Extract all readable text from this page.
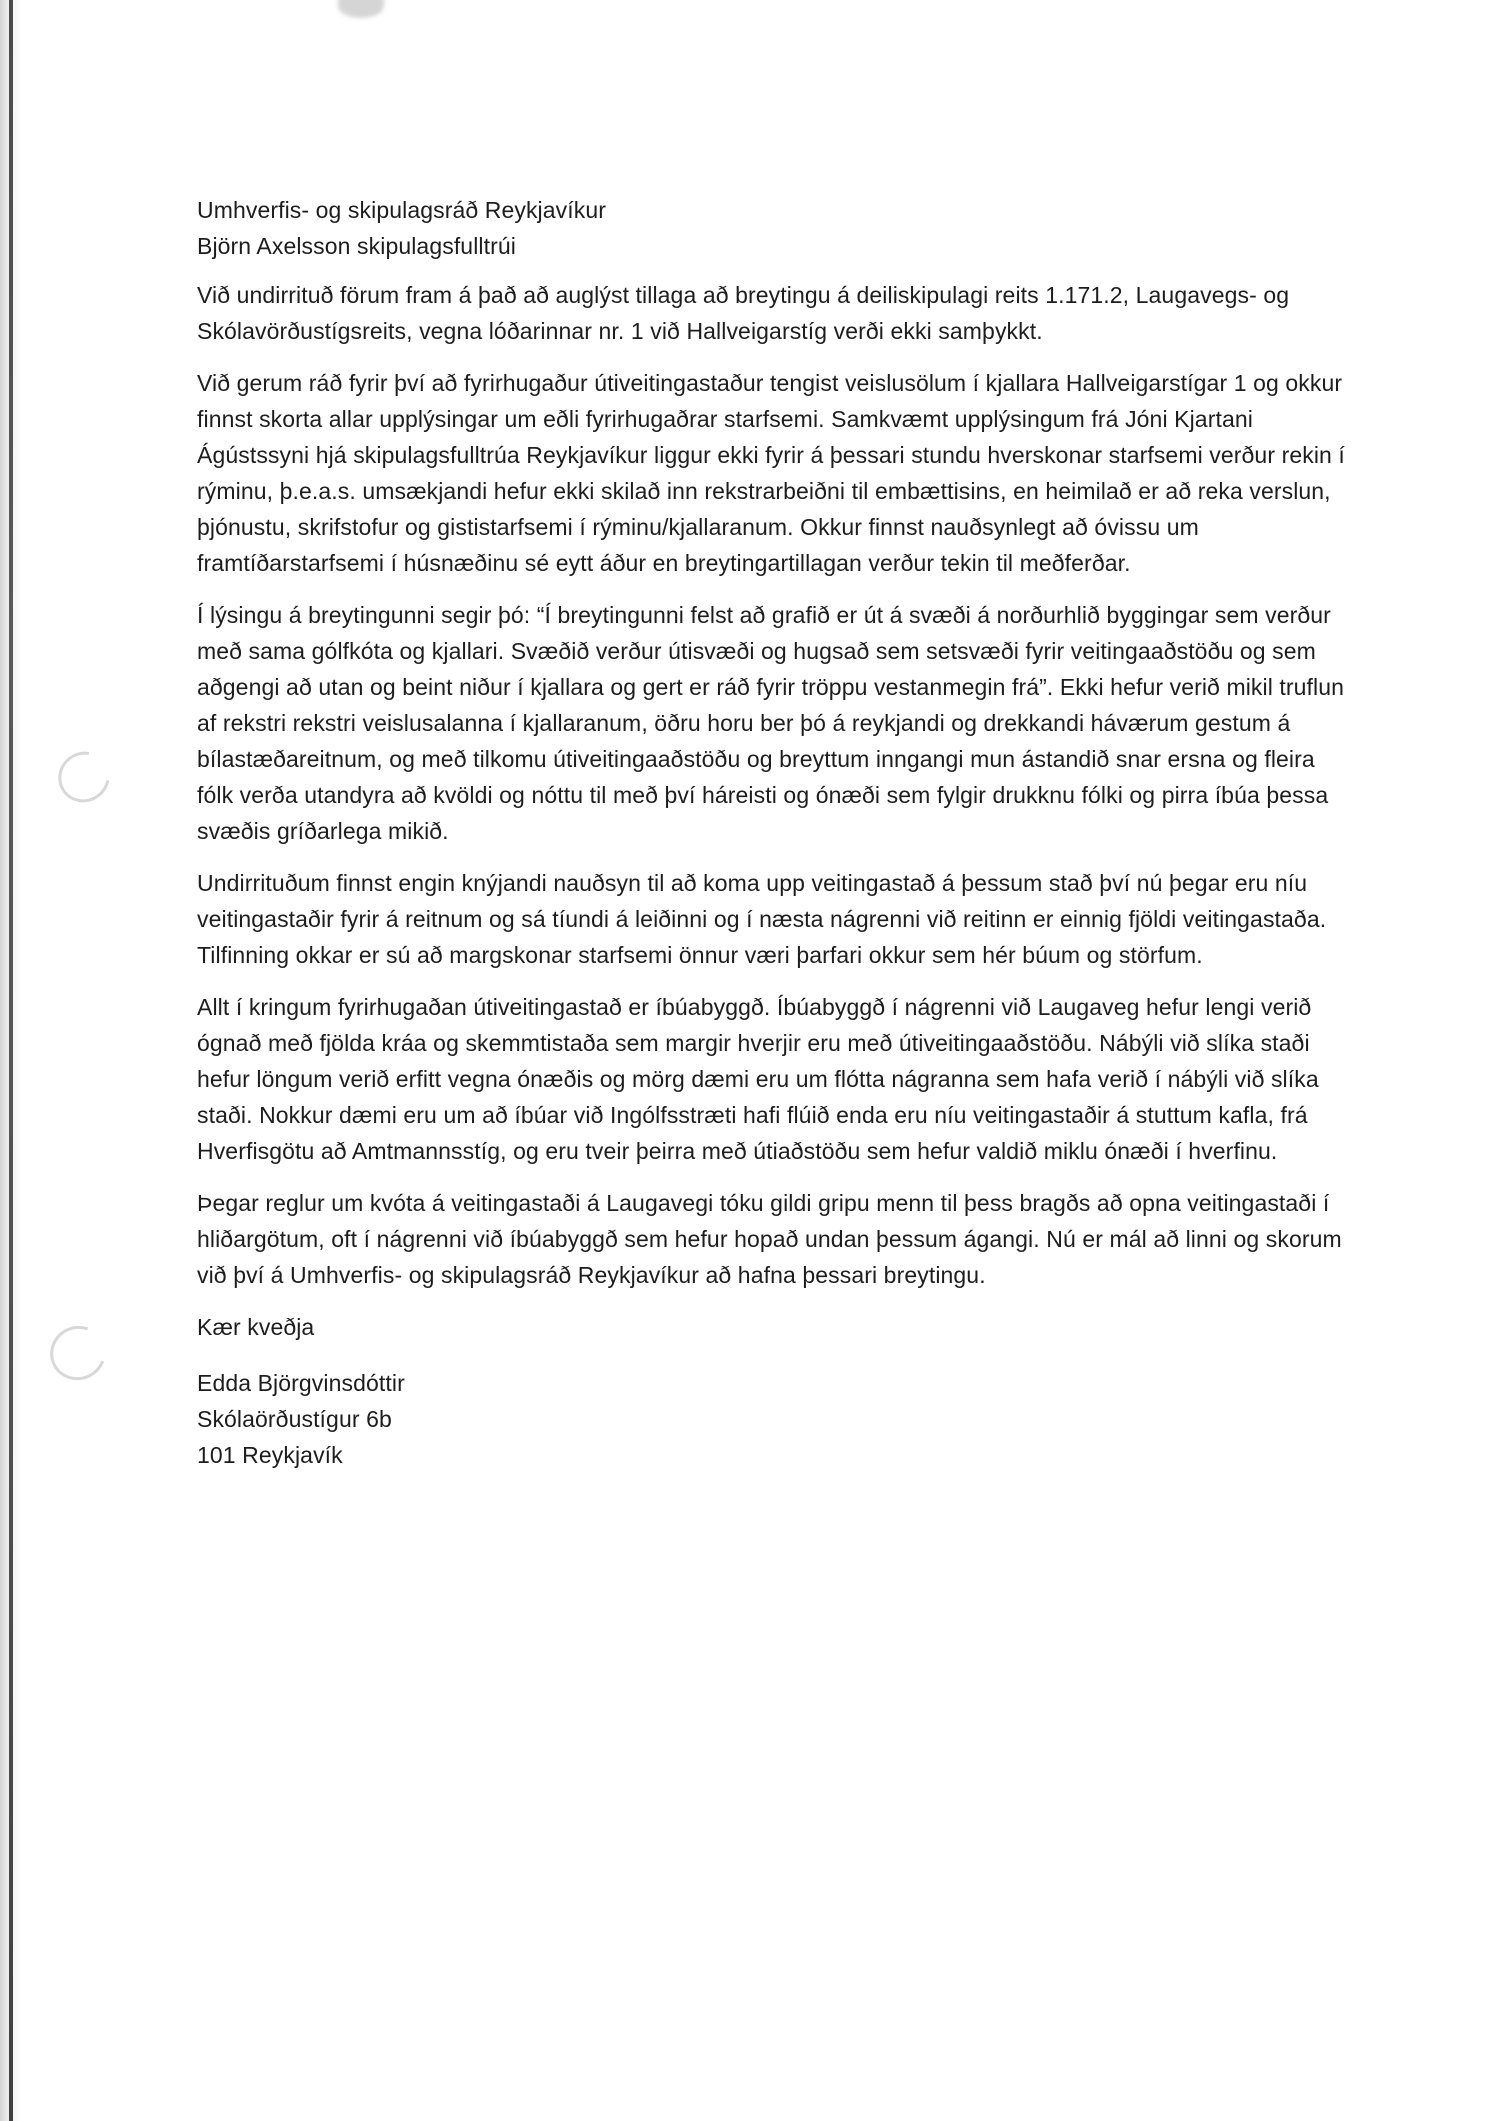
Umhverfis- og skipulagsráð Reykjavíkur
Björn Axelsson skipulagsfulltrúi

Við undirrituð förum fram á það að auglýst tillaga að breytingu á deiliskipulagi reits 1.171.2, Laugavegs- og Skólavörðustígsreits, vegna lóðarinnar nr. 1 við Hallveigarstíg verði ekki samþykkt.

Við gerum ráð fyrir því að fyrirhugaður útiveitingastaður tengist veislusölum í kjallara Hallveigarstígar 1 og okkur finnst skorta allar upplýsingar um eðli fyrirhugaðrar starfsemi. Samkvæmt upplýsingum frá Jóni Kjartani Ágústssyni hjá skipulagsfulltrúa Reykjavíkur liggur ekki fyrir á þessari stundu hverskonar starfsemi verður rekin í rýminu, þ.e.a.s. umsækjandi hefur ekki skilað inn rekstrarbeiðni til embættisins, en heimilað er að reka verslun, þjónustu, skrifstofur og gististarfsemi í rýminu/kjallaranum. Okkur finnst nauðsynlegt að óvissu um framtíðarstarfsemi í húsnæðinu sé eytt áður en breytingartillagan verður tekin til meðferðar.

Í lýsingu á breytingunni segir þó: “Í breytingunni felst að grafið er út á svæði á norðurhlið byggingar sem verður með sama gólfkóta og kjallari. Svæðið verður útisvæði og hugsað sem setsvæði fyrir veitingaaðstöðu og sem aðgengi að utan og beint niður í kjallara og gert er ráð fyrir tröppu vestanmegin frá”. Ekki hefur verið mikil truflun af rekstri rekstri veislusalanna í kjallaranum, öðru horu ber þó á reykjandi og drekkandi háværum gestum á bílastæðareitnum, og með tilkomu útiveitingaaðstöðu og breyttum inngangi mun ástandið snar ersna og fleira fólk verða utandyra að kvöldi og nóttu til með því háreisti og ónæði sem fylgir drukknu fólki og pirra íbúa þessa svæðis gríðarlega mikið.

Undirrituðum finnst engin knýjandi nauðsyn til að koma upp veitingastað á þessum stað því nú þegar eru níu veitingastaðir fyrir á reitnum og sá tíundi á leiðinni og í næsta nágrenni við reitinn er einnig fjöldi veitingastaða. Tilfinning okkar er sú að margskonar starfsemi önnur væri þarfari okkur sem hér búum og störfum.

Allt í kringum fyrirhugaðan útiveitingastað er íbúabyggð. Íbúabyggð í nágrenni við Laugaveg hefur lengi verið ógnað með fjölda kráa og skemmtistaða sem margir hverjir eru með útiveitingaaðstöðu. Nábýli við slíka staði hefur löngum verið erfitt vegna ónæðis og mörg dæmi eru um flótta nágranna sem hafa verið í nábýli við slíka staði. Nokkur dæmi eru um að íbúar við Ingólfsstræti hafi flúið enda eru níu veitingastaðir á stuttum kafla, frá Hverfisgötu að Amtmannsstíg, og eru tveir þeirra með útiaðstöðu sem hefur valdið miklu ónæði í hverfinu.

Þegar reglur um kvóta á veitingastaði á Laugavegi tóku gildi gripu menn til þess bragðs að opna veitingastaði í hliðargötum, oft í nágrenni við íbúabyggð sem hefur hopað undan þessum ágangi. Nú er mál að linni og skorum við því á Umhverfis- og skipulagsráð Reykjavíkur að hafna þessari breytingu.

Kær kveðja

Edda Björgvinsdóttir
Skólaörðustígur 6b
101 Reykjavík
